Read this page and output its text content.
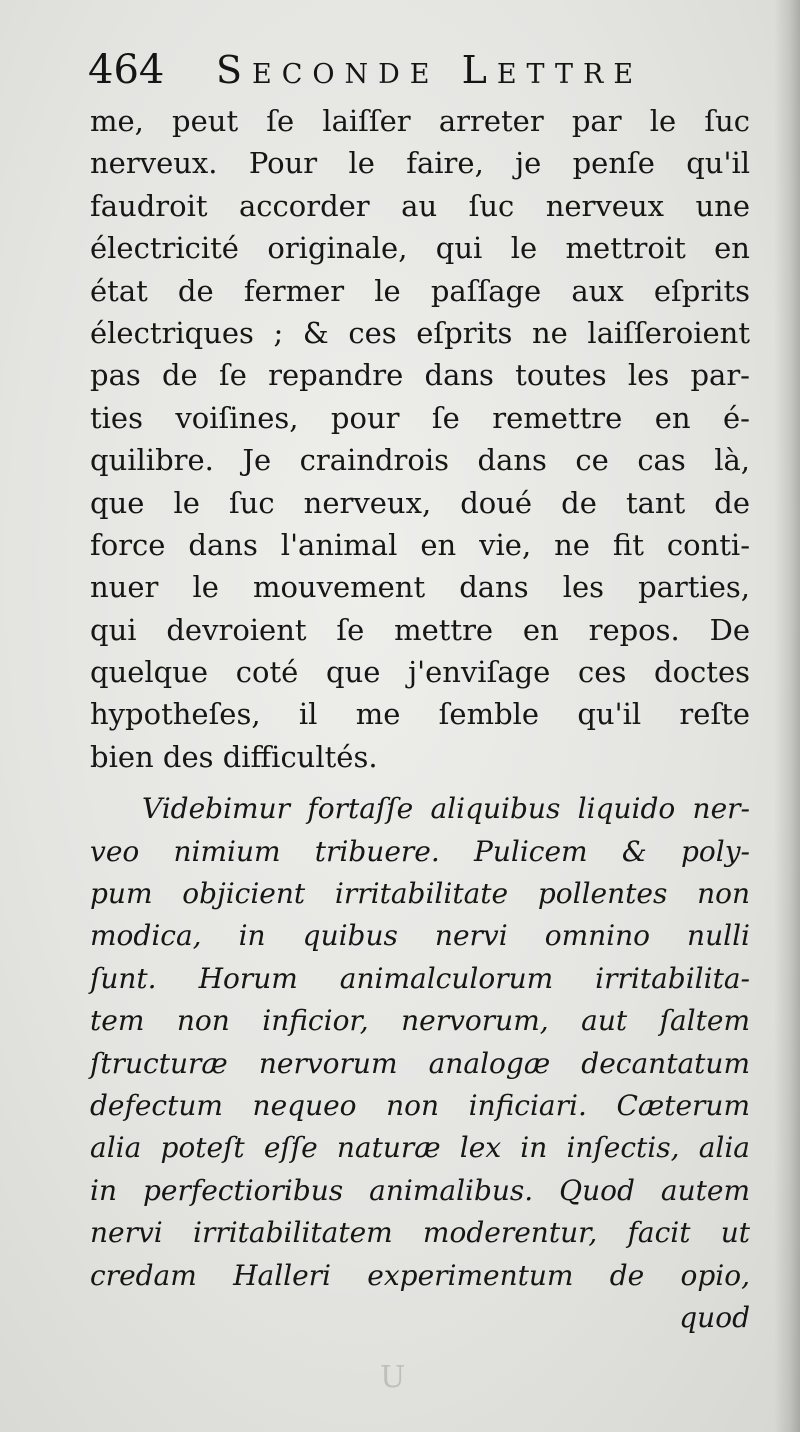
464 Seconde Lettre
me, peut ſe laiſſer arreter par le ſuc
nerveux. Pour le faire, je penſe qu'il
faudroit accorder au ſuc nerveux une
électricité originale, qui le mettroit en
état de fermer le paſſage aux eſprits
électriques ; & ces eſprits ne laiſſeroient
pas de ſe repandre dans toutes les par-
ties voiſines, pour ſe remettre en é-
quilibre. Je craindrois dans ce cas là,
que le ſuc nerveux, doué de tant de
force dans l'animal en vie, ne fit conti-
nuer le mouvement dans les parties,
qui devroient ſe mettre en repos. De
quelque coté que j'enviſage ces doctes
hypotheſes, il me ſemble qu'il reſte
bien des difficultés.
Videbimur fortaſſe aliquibus liquido ner-
veo nimium tribuere. Pulicem & poly-
pum objicient irritabilitate pollentes non
modica, in quibus nervi omnino nulli
ſunt. Horum animalculorum irritabilita-
tem non inficior, nervorum, aut ſaltem
ſtructuræ nervorum analogæ decantatum
defectum nequeo non inficiari. Cæterum
alia poteſt eſſe naturæ lex in inſectis, alia
in perfectioribus animalibus. Quod autem
nervi irritabilitatem moderentur, facit ut
credam Halleri experimentum de opio,
quod
U
